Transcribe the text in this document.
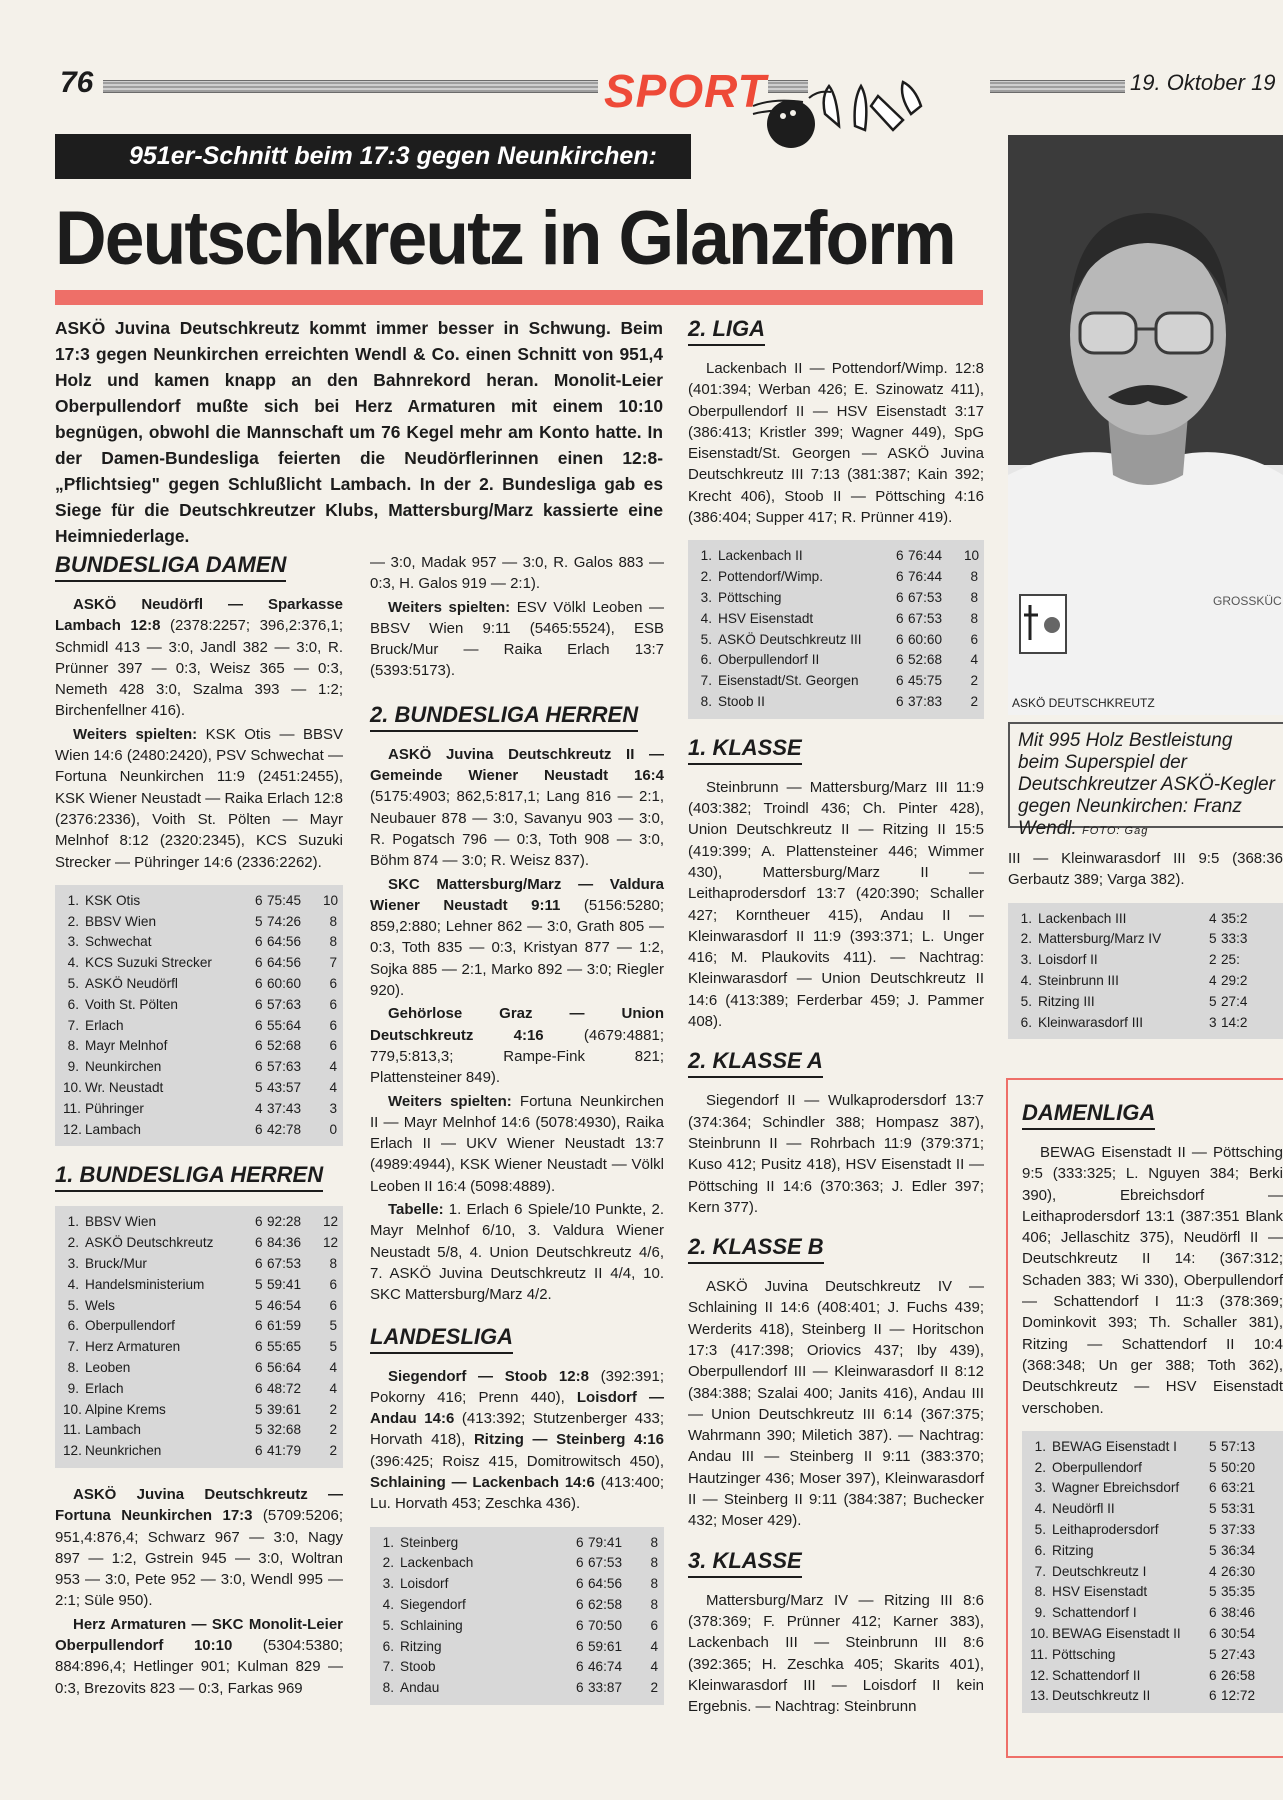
76	SPORT	19. Oktober 19
951er-Schnitt beim 17:3 gegen Neunkirchen:
Deutschkreutz in Glanzform
ASKÖ Juvina Deutschkreutz kommt immer besser in Schwung. Beim 17:3 gegen Neunkirchen erreichten Wendl & Co. einen Schnitt von 951,4 Holz und kamen knapp an den Bahnrekord heran. Monolit-Leier Oberpullendorf mußte sich bei Herz Armaturen mit einem 10:10 begnügen, obwohl die Mannschaft um 76 Kegel mehr am Konto hatte. In der Damen-Bundesliga feierten die Neudörflerinnen einen 12:8-„Pflichtsieg" gegen Schlußlicht Lambach. In der 2. Bundesliga gab es Siege für die Deutschkreutzer Klubs, Mattersburg/Marz kassierte eine Heimniederlage.
BUNDESLIGA DAMEN

ASKÖ Neudörfl — Sparkasse Lambach 12:8 (2378:2257; 396,2:376,1; Schmidl 413 — 3:0, Jandl 382 — 3:0, R. Prünner 397 — 0:3, Weisz 365 — 0:3, Nemeth 428 3:0, Szalma 393 — 1:2; Birchenfellner 416).

Weiters spielten: KSK Otis — BBSV Wien 14:6 (2480:2420), PSV Schwechat — Fortuna Neunkirchen 11:9 (2451:2455), KSK Wiener Neustadt — Raika Erlach 12:8 (2376:2336), Voith St. Pölten — Mayr Melnhof 8:12 (2320:2345), KCS Suzuki Strecker — Pühringer 14:6 (2336:2262).

1. KSK Otis	6 75:45	10
2. BBSV Wien	5 74:26	8
3. Schwechat	6 64:56	8
4. KCS Suzuki Strecker	6 64:56	7
5. ASKÖ Neudörfl	6 60:60	6
6. Voith St. Pölten	6 57:63	6
7. Erlach	6 55:64	6
8. Mayr Melnhof	6 52:68	6
9. Neunkirchen	6 57:63	4
10. Wr. Neustadt	5 43:57	4
11. Pühringer	4 37:43	3
12. Lambach	6 42:78	0
1. BUNDESLIGA HERREN
1. BBSV Wien	6 92:28	12
2. ASKÖ Deutschkreutz	6 84:36	12
3. Bruck/Mur	6 67:53	8
4. Handelsministerium	5 59:41	6
5. Wels	5 46:54	6
6. Oberpullendorf	6 61:59	5
7. Herz Armaturen	6 55:65	5
8. Leoben	6 56:64	4
9. Erlach	6 48:72	4
10. Alpine Krems	5 39:61	2
11. Lambach	5 32:68	2
12. Neunkrichen	6 41:79	2

ASKÖ Juvina Deutschkreutz — Fortuna Neunkirchen 17:3 (5709:5206; 951,4:876,4; Schwarz 967 — 3:0, Nagy 897 — 1:2, Gstrein 945 — 3:0, Woltran 953 — 3:0, Pete 952 — 3:0, Wendl 995 — 2:1; Süle 950).

Herz Armaturen — SKC Monolit-Leier Oberpullendorf 10:10 (5304:5380; 884:896,4; Hetlinger 901; Kulman 829 — 0:3, Brezovits 823 — 0:3, Farkas 969

— 3:0, Madak 957 — 3:0, R. Galos 883 — 0:3, H. Galos 919 — 2:1).

Weiters spielten: ESV Völkl Leoben — BBSV Wien 9:11 (5465:5524), ESB Bruck/Mur — Raika Erlach 13:7 (5393:5173).

2. BUNDESLIGA HERREN

ASKÖ Juvina Deutschkreutz II — Gemeinde Wiener Neustadt 16:4 (5175:4903; 862,5:817,1; Lang 816 — 2:1, Neubauer 878 — 3:0, Savanyu 903 — 3:0, R. Pogatsch 796 — 0:3, Toth 908 — 3:0, Böhm 874 — 3:0; R. Weisz 837).

SKC Mattersburg/Marz — Valdura Wiener Neustadt 9:11 (5156:5280; 859,2:880; Lehner 862 — 3:0, Grath 805 — 0:3, Toth 835 — 0:3, Kristyan 877 — 1:2, Sojka 885 — 2:1, Marko 892 — 3:0; Riegler 920).

Gehörlose Graz — Union Deutschkreutz 4:16 (4679:4881; 779,5:813,3; Rampe-Fink 821; Plattensteiner 849).

Weiters spielten: Fortuna Neunkirchen II — Mayr Melnhof 14:6 (5078:4930), Raika Erlach II — UKV Wiener Neustadt 13:7 (4989:4944), KSK Wiener Neustadt — Völkl Leoben II 16:4 (5098:4889).

Tabelle: 1. Erlach 6 Spiele/10 Punkte, 2. Mayr Melnhof 6/10, 3. Valdura Wiener Neustadt 5/8, 4. Union Deutschkreutz 4/6, 7. ASKÖ Juvina Deutschkreutz II 4/4, 10. SKC Mattersburg/Marz 4/2.

LANDESLIGA

Siegendorf — Stoob 12:8 (392:391; Pokorny 416; Prenn 440), Loisdorf — Andau 14:6 (413:392; Stutzenberger 433; Horvath 418), Ritzing — Steinberg 4:16 (396:425; Roisz 415, Domitrowitsch 450), Schlaining — Lackenbach 14:6 (413:400; Lu. Horvath 453; Zeschka 436).

1. Steinberg	6 79:41	8
2. Lackenbach	6 67:53	8
3. Loisdorf	6 64:56	8
4. Siegendorf	6 62:58	8
5. Schlaining	6 70:50	6
6. Ritzing	6 59:61	4
7. Stoob	6 46:74	4
8. Andau	6 33:87	2
2. LIGA

Lackenbach II — Pottendorf/Wimp. 12:8 (401:394; Werban 426; E. Szinowatz 411), Oberpullendorf II — HSV Eisenstadt 3:17 (386:413; Kristler 399; Wagner 449), SpG Eisenstadt/St. Georgen — ASKÖ Juvina Deutschkreutz III 7:13 (381:387; Kain 392; Krecht 406), Stoob II — Pöttsching 4:16 (386:404; Supper 417; R. Prünner 419).

1. Lackenbach II	6 76:44	10
2. Pottendorf/Wimp.	6 76:44	8
3. Pöttsching	6 67:53	8
4. HSV Eisenstadt	6 67:53	8
5. ASKÖ Deutschkreutz III	6 60:60	6
6. Oberpullendorf II	6 52:68	4
7. Eisenstadt/St. Georgen	6 45:75	2
8. Stoob II	6 37:83	2
1. KLASSE

Steinbrunn — Mattersburg/Marz III 11:9 (403:382; Troindl 436; Ch. Pinter 428), Union Deutschkreutz II — Ritzing II 15:5 (419:399; A. Plattensteiner 446; Wimmer 430), Mattersburg/Marz II — Leithaprodersdorf 13:7 (420:390; Schaller 427; Korntheuer 415), Andau II — Kleinwarasdorf II 11:9 (393:371; L. Unger 416; M. Plaukovits 411). — Nachtrag: Kleinwarasdorf — Union Deutschkreutz II 14:6 (413:389; Ferderbar 459; J. Pammer 408).

2. KLASSE A

Siegendorf II — Wulkaprodersdorf 13:7 (374:364; Schindler 388; Hompasz 387), Steinbrunn II — Rohrbach 11:9 (379:371; Kuso 412; Pusitz 418), HSV Eisenstadt II — Pöttsching II 14:6 (370:363; J. Edler 397; Kern 377).

2. KLASSE B

ASKÖ Juvina Deutschkreutz IV — Schlaining II 14:6 (408:401; J. Fuchs 439; Werderits 418), Steinberg II — Horitschon 17:3 (417:398; Oriovics 437; Iby 439), Oberpullendorf III — Kleinwarasdorf II 8:12 (384:388; Szalai 400; Janits 416), Andau III — Union Deutschkreutz III 6:14 (367:375; Wahrmann 390; Miletich 387). — Nachtrag: Andau III — Steinberg II 9:11 (383:370; Hautzinger 436; Moser 397), Kleinwarasdorf II — Steinberg II 9:11 (384:387; Buchecker 432; Moser 429).

3. KLASSE

Mattersburg/Marz IV — Ritzing III 8:6 (378:369; F. Prünner 412; Karner 383), Lackenbach III — Steinbrunn III 8:6 (392:365; H. Zeschka 405; Skarits 401), Kleinwarasdorf III — Loisdorf II kein Ergebnis. — Nachtrag: Steinbrunn

ASKÖ DEUTSCHKREUTZ
GROSSKÜC
Mit 995 Holz Bestleistung beim Superspiel der Deutschkreutzer ASKÖ-Kegler gegen Neunkirchen: Franz Wendl. FOTO: Gag

III — Kleinwarasdorf III 9:5 (368:36 Gerbautz 389; Varga 382).

1. Lackenbach III	4 35:2
2. Mattersburg/Marz IV	5 33:3
3. Loisdorf II	2 25:
4. Steinbrunn III	4 29:2
5. Ritzing III	5 27:4
6. Kleinwarasdorf III	3 14:2
DAMENLIGA

BEWAG Eisenstadt II — Pöttsching 9:5 (333:325; L. Nguyen 384; Berki 390), Ebreichsdorf — Leithaprodersdorf 13:1 (387:351 Blank 406; Jellaschitz 375), Neudörfl II — Deutschkreutz II 14: (367:312; Schaden 383; Wi 330), Oberpullendorf — Schattendorf I 11:3 (378:369; Dominkovit 393; Th. Schaller 381), Ritzing — Schattendorf II 10:4 (368:348; Un ger 388; Toth 362), Deutschkreutz — HSV Eisenstadt verschoben.

1. BEWAG Eisenstadt I	5 57:13
2. Oberpullendorf	5 50:20
3. Wagner Ebreichsdorf	6 63:21
4. Neudörfl II	5 53:31
5. Leithaprodersdorf	5 37:33
6. Ritzing	5 36:34
7. Deutschkreutz I	4 26:30
8. HSV Eisenstadt	5 35:35
9. Schattendorf I	6 38:46
10. BEWAG Eisenstadt II	6 30:54
11. Pöttsching	5 27:43
12. Schattendorf II	6 26:58
13. Deutschkreutz II	6 12:72
